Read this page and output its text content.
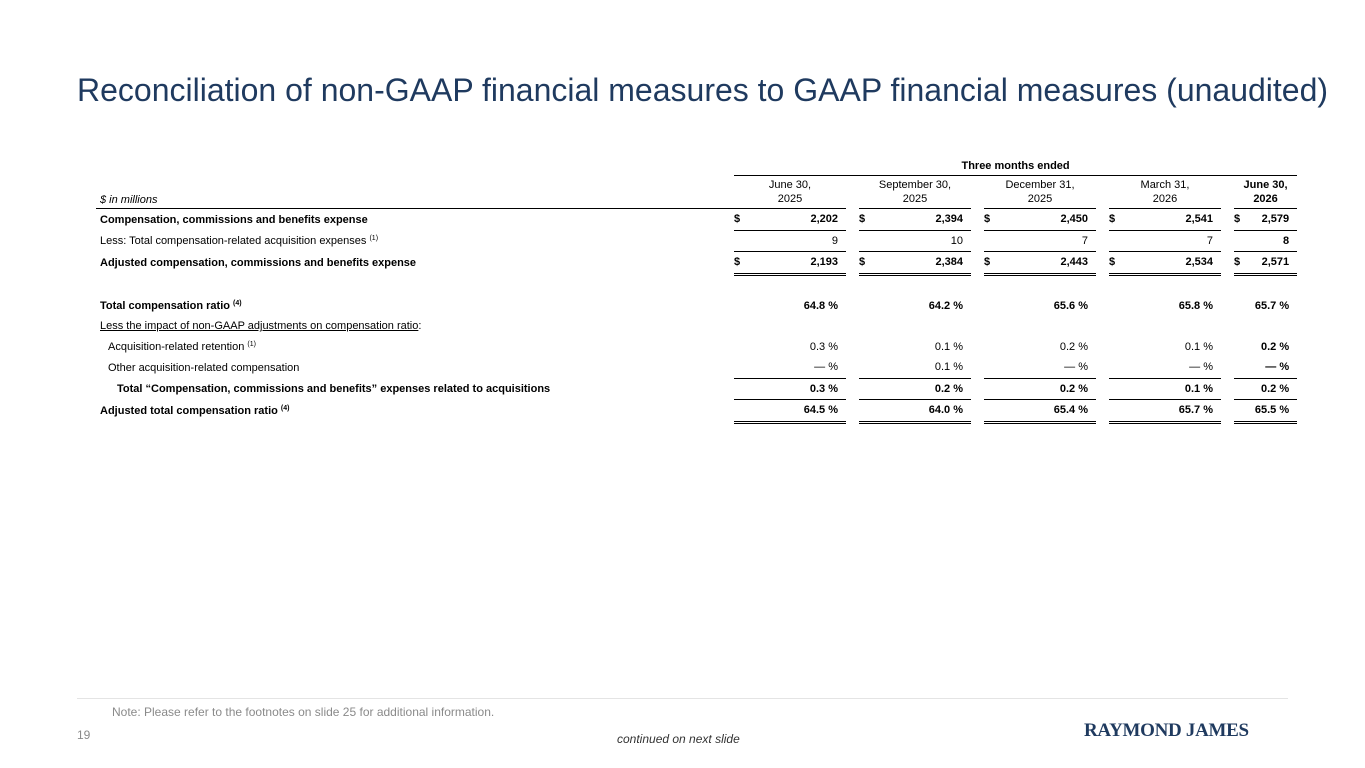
Reconciliation of non-GAAP financial measures to GAAP financial measures (unaudited)
	Three months ended													
$ in millions	June 30,
2025			September 30,
2025			December 31,
2025			March 31,
2026			June 30,
2026	
Compensation, commissions and benefits expense	$	2,202		$	2,394		$	2,450		$	2,541		$	2,579
Less: Total compensation-related acquisition expenses $^{(1)}$		9			10			7			7			8
Adjusted compensation, commissions and benefits expense	$	2,193		$	2,384		$	2,443		$	2,534		$	2,571

Total compensation ratio $^{(4)}$		64.8 %			64.2 %			65.6 %			65.8 %			65.7 %
Less the impact of non-GAAP adjustments on compensation ratio:														
Acquisition-related retention $^{(1)}$		0.3 %			0.1 %			0.2 %			0.1 %			0.2 %
Other acquisition-related compensation		— %			0.1 %			— %			— %			— %
Total “Compensation, commissions and benefits” expenses related to acquisitions		0.3 %			0.2 %			0.2 %			0.1 %			0.2 %
Adjusted total compensation ratio $^{(4)}$		64.5 %			64.0 %			65.4 %			65.7 %			65.5 %
Note: Please refer to the footnotes on slide 25 for additional information.
19	continued on next slide	RAYMOND JAMES
